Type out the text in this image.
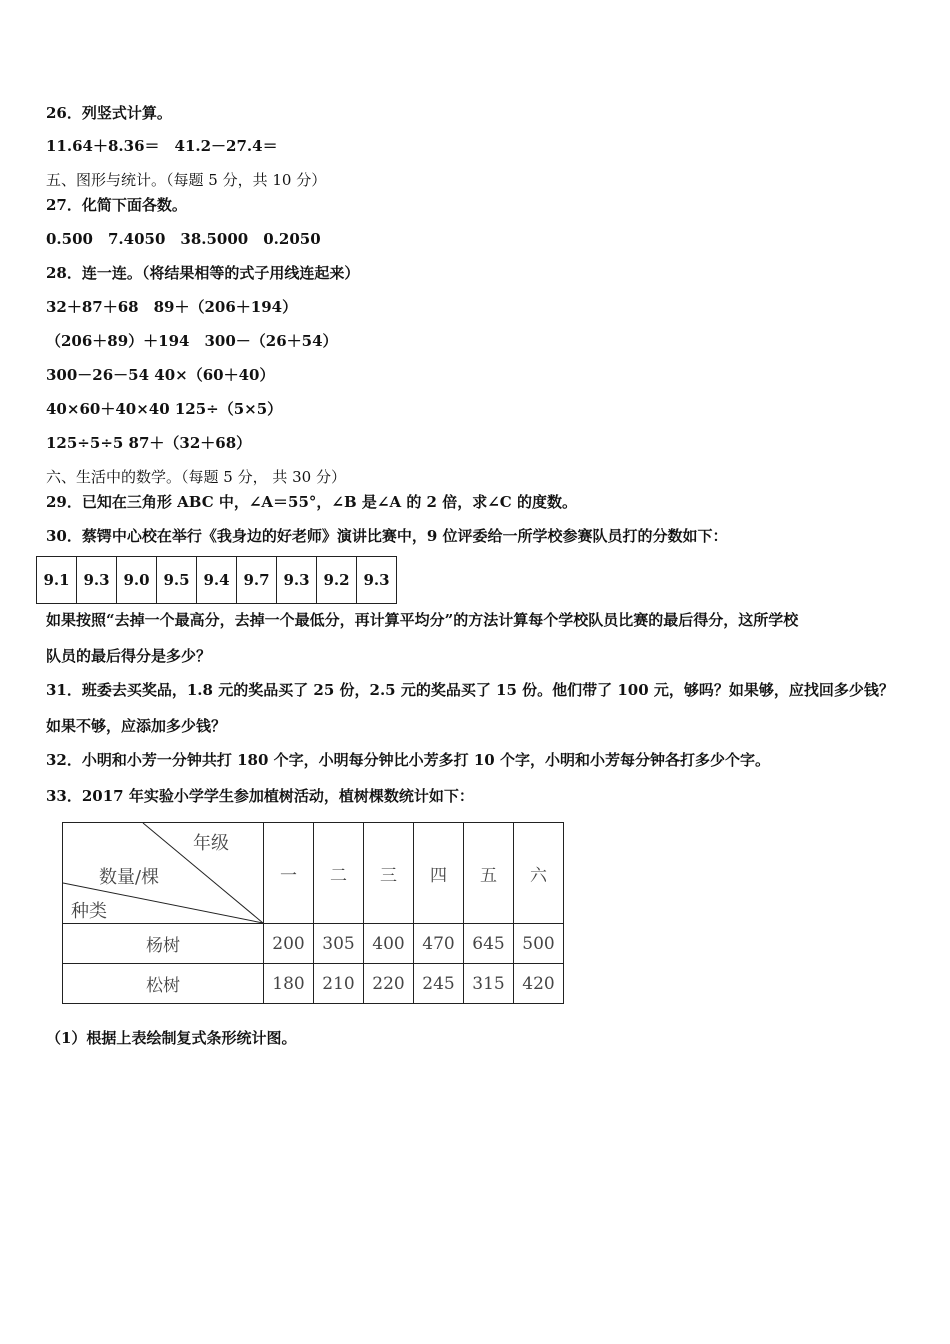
26．列竖式计算。
11.64＋8.36＝　41.2－27.4＝
五、图形与统计。（每题 5 分，共 10 分）
27．化简下面各数。
0.500　7.4050　38.5000　0.2050
28．连一连。（将结果相等的式子用线连起来）
32＋87＋68　89＋（206＋194）
（206＋89）＋194　300－（26＋54）
300－26－54 40×（60＋40）
40×60＋40×40 125÷（5×5）
125÷5÷5 87＋（32＋68）
六、生活中的数学。（每题 5 分， 共 30 分）
29．已知在三角形 ABC 中，∠A＝55°，∠B 是∠A 的 2 倍，求∠C 的度数。
30．蔡锷中心校在举行《我身边的好老师》演讲比赛中，9 位评委给一所学校参赛队员打的分数如下：
9.1	9.3	9.0	9.5	9.4	9.7	9.3	9.2	9.3
如果按照“去掉一个最高分，去掉一个最低分，再计算平均分”的方法计算每个学校队员比赛的最后得分，这所学校
队员的最后得分是多少？
31．班委去买奖品，1.8 元的奖品买了 25 份，2.5 元的奖品买了 15 份。他们带了 100 元，够吗？如果够，应找回多少钱？
如果不够，应添加多少钱？
32．小明和小芳一分钟共打 180 个字，小明每分钟比小芳多打 10 个字，小明和小芳每分钟各打多少个字。
33．2017 年实验小学学生参加植树活动，植树棵数统计如下：
年级
数量/棵
种类	一	二	三	四	五	六
杨树	200	305	400	470	645	500
松树	180	210	220	245	315	420
（1）根据上表绘制复式条形统计图。
